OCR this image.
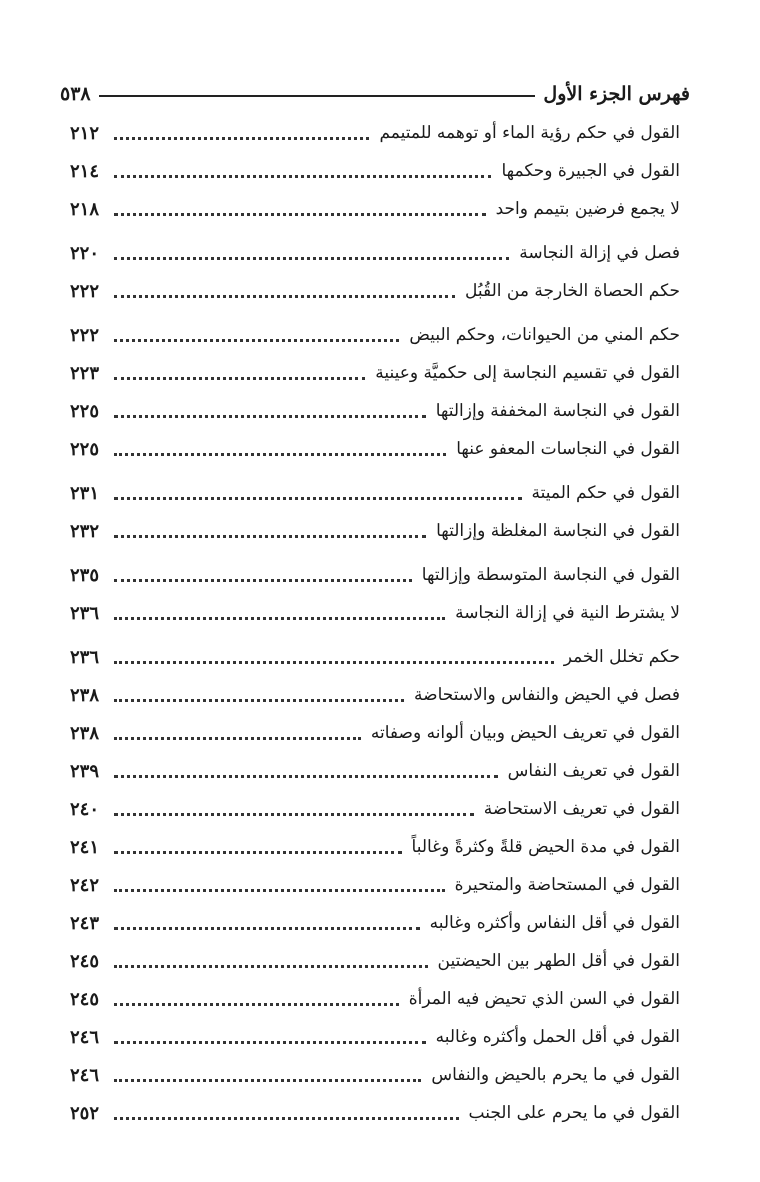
٥٣٨	فهرس الجزء الأول
القول في حكم رؤية الماء أو توهمه للمتيمم
٢١٢
القول في الجبيرة وحكمها
٢١٤
لا يجمع فرضين بتيمم واحد
٢١٨
فصل في إزالة النجاسة
٢٢٠
حكم الحصاة الخارجة من القُبُل
٢٢٢
حكم المني من الحيوانات، وحكم البيض
٢٢٢
القول في تقسيم النجاسة إلى حكميَّة وعينية
٢٢٣
القول في النجاسة المخففة وإزالتها
٢٢٥
القول في النجاسات المعفو عنها
٢٢٥
القول في حكم الميتة
٢٣١
القول في النجاسة المغلظة وإزالتها
٢٣٢
القول في النجاسة المتوسطة وإزالتها
٢٣٥
لا يشترط النية في إزالة النجاسة
٢٣٦
حكم تخلل الخمر
٢٣٦
فصل في الحيض والنفاس والاستحاضة
٢٣٨
القول في تعريف الحيض وبيان ألوانه وصفاته
٢٣٨
القول في تعريف النفاس
٢٣٩
القول في تعريف الاستحاضة
٢٤٠
القول في مدة الحيض قلةً وكثرةً وغالباً
٢٤١
القول في المستحاضة والمتحيرة
٢٤٢
القول في أقل النفاس وأكثره وغالبه
٢٤٣
القول في أقل الطهر بين الحيضتين
٢٤٥
القول في السن الذي تحيض فيه المرأة
٢٤٥
القول في أقل الحمل وأكثره وغالبه
٢٤٦
القول في ما يحرم بالحيض والنفاس
٢٤٦
القول في ما يحرم على الجنب
٢٥٢
